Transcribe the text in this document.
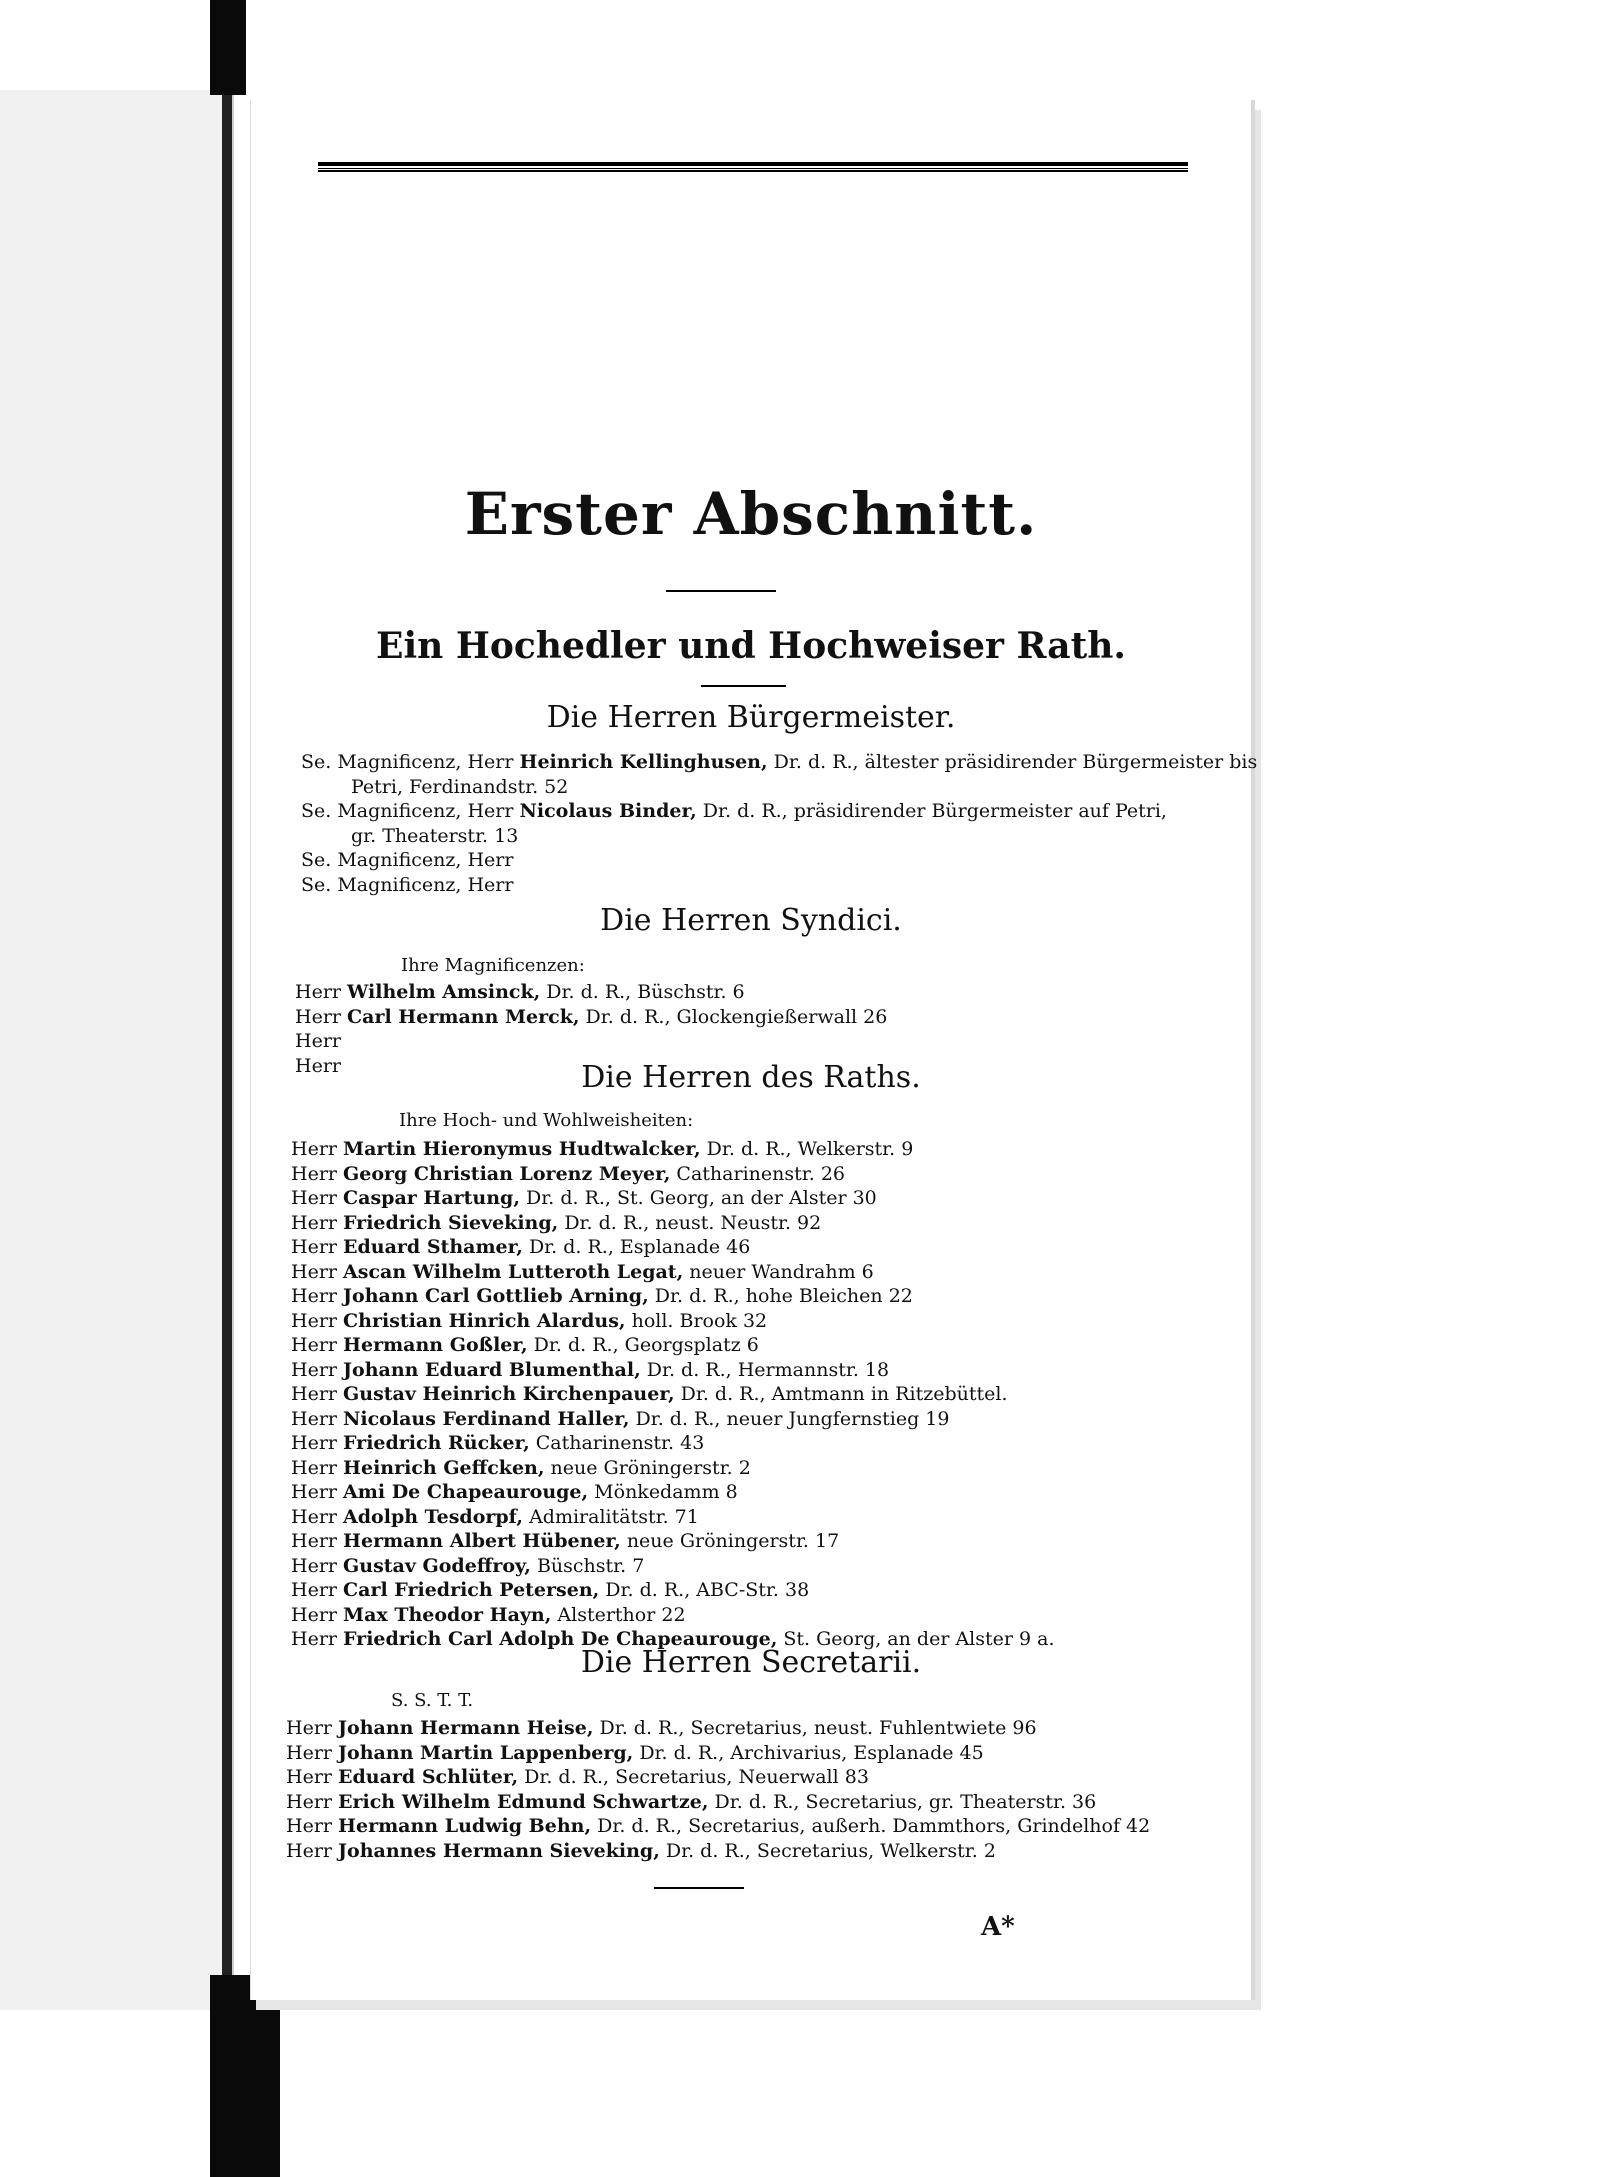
Erster Abschnitt.
Ein Hochedler und Hochweiser Rath.
Die Herren Bürgermeister.
Se. Magnificenz, Herr Heinrich Kellinghusen, Dr. d. R., ältester präsidirender Bürgermeister bis
Petri, Ferdinandstr. 52
Se. Magnificenz, Herr Nicolaus Binder, Dr. d. R., präsidirender Bürgermeister auf Petri,
gr. Theaterstr. 13
Se. Magnificenz, Herr
Se. Magnificenz, Herr
Die Herren Syndici.
Ihre Magnificenzen:
Herr Wilhelm Amsinck, Dr. d. R., Büschstr. 6
Herr Carl Hermann Merck, Dr. d. R., Glockengießerwall 26
Herr
Herr	Die Herren des Raths.
Ihre Hoch- und Wohlweisheiten:
Herr Martin Hieronymus Hudtwalcker, Dr. d. R., Welkerstr. 9
Herr Georg Christian Lorenz Meyer, Catharinenstr. 26
Herr Caspar Hartung, Dr. d. R., St. Georg, an der Alster 30
Herr Friedrich Sieveking, Dr. d. R., neust. Neustr. 92
Herr Eduard Sthamer, Dr. d. R., Esplanade 46
Herr Ascan Wilhelm Lutteroth Legat, neuer Wandrahm 6
Herr Johann Carl Gottlieb Arning, Dr. d. R., hohe Bleichen 22
Herr Christian Hinrich Alardus, holl. Brook 32
Herr Hermann Goßler, Dr. d. R., Georgsplatz 6
Herr Johann Eduard Blumenthal, Dr. d. R., Hermannstr. 18
Herr Gustav Heinrich Kirchenpauer, Dr. d. R., Amtmann in Ritzebüttel.
Herr Nicolaus Ferdinand Haller, Dr. d. R., neuer Jungfernstieg 19
Herr Friedrich Rücker, Catharinenstr. 43
Herr Heinrich Geffcken, neue Gröningerstr. 2
Herr Ami De Chapeaurouge, Mönkedamm 8
Herr Adolph Tesdorpf, Admiralitätstr. 71
Herr Hermann Albert Hübener, neue Gröningerstr. 17
Herr Gustav Godeffroy, Büschstr. 7
Herr Carl Friedrich Petersen, Dr. d. R., ABC-Str. 38
Herr Max Theodor Hayn, Alsterthor 22
Herr Friedrich Carl Adolph De Chapeaurouge, St. Georg, an der Alster 9 a.
Die Herren Secretarii.
S. S. T. T.
Herr Johann Hermann Heise, Dr. d. R., Secretarius, neust. Fuhlentwiete 96
Herr Johann Martin Lappenberg, Dr. d. R., Archivarius, Esplanade 45
Herr Eduard Schlüter, Dr. d. R., Secretarius, Neuerwall 83
Herr Erich Wilhelm Edmund Schwartze, Dr. d. R., Secretarius, gr. Theaterstr. 36
Herr Hermann Ludwig Behn, Dr. d. R., Secretarius, außerh. Dammthors, Grindelhof 42
Herr Johannes Hermann Sieveking, Dr. d. R., Secretarius, Welkerstr. 2
A*
